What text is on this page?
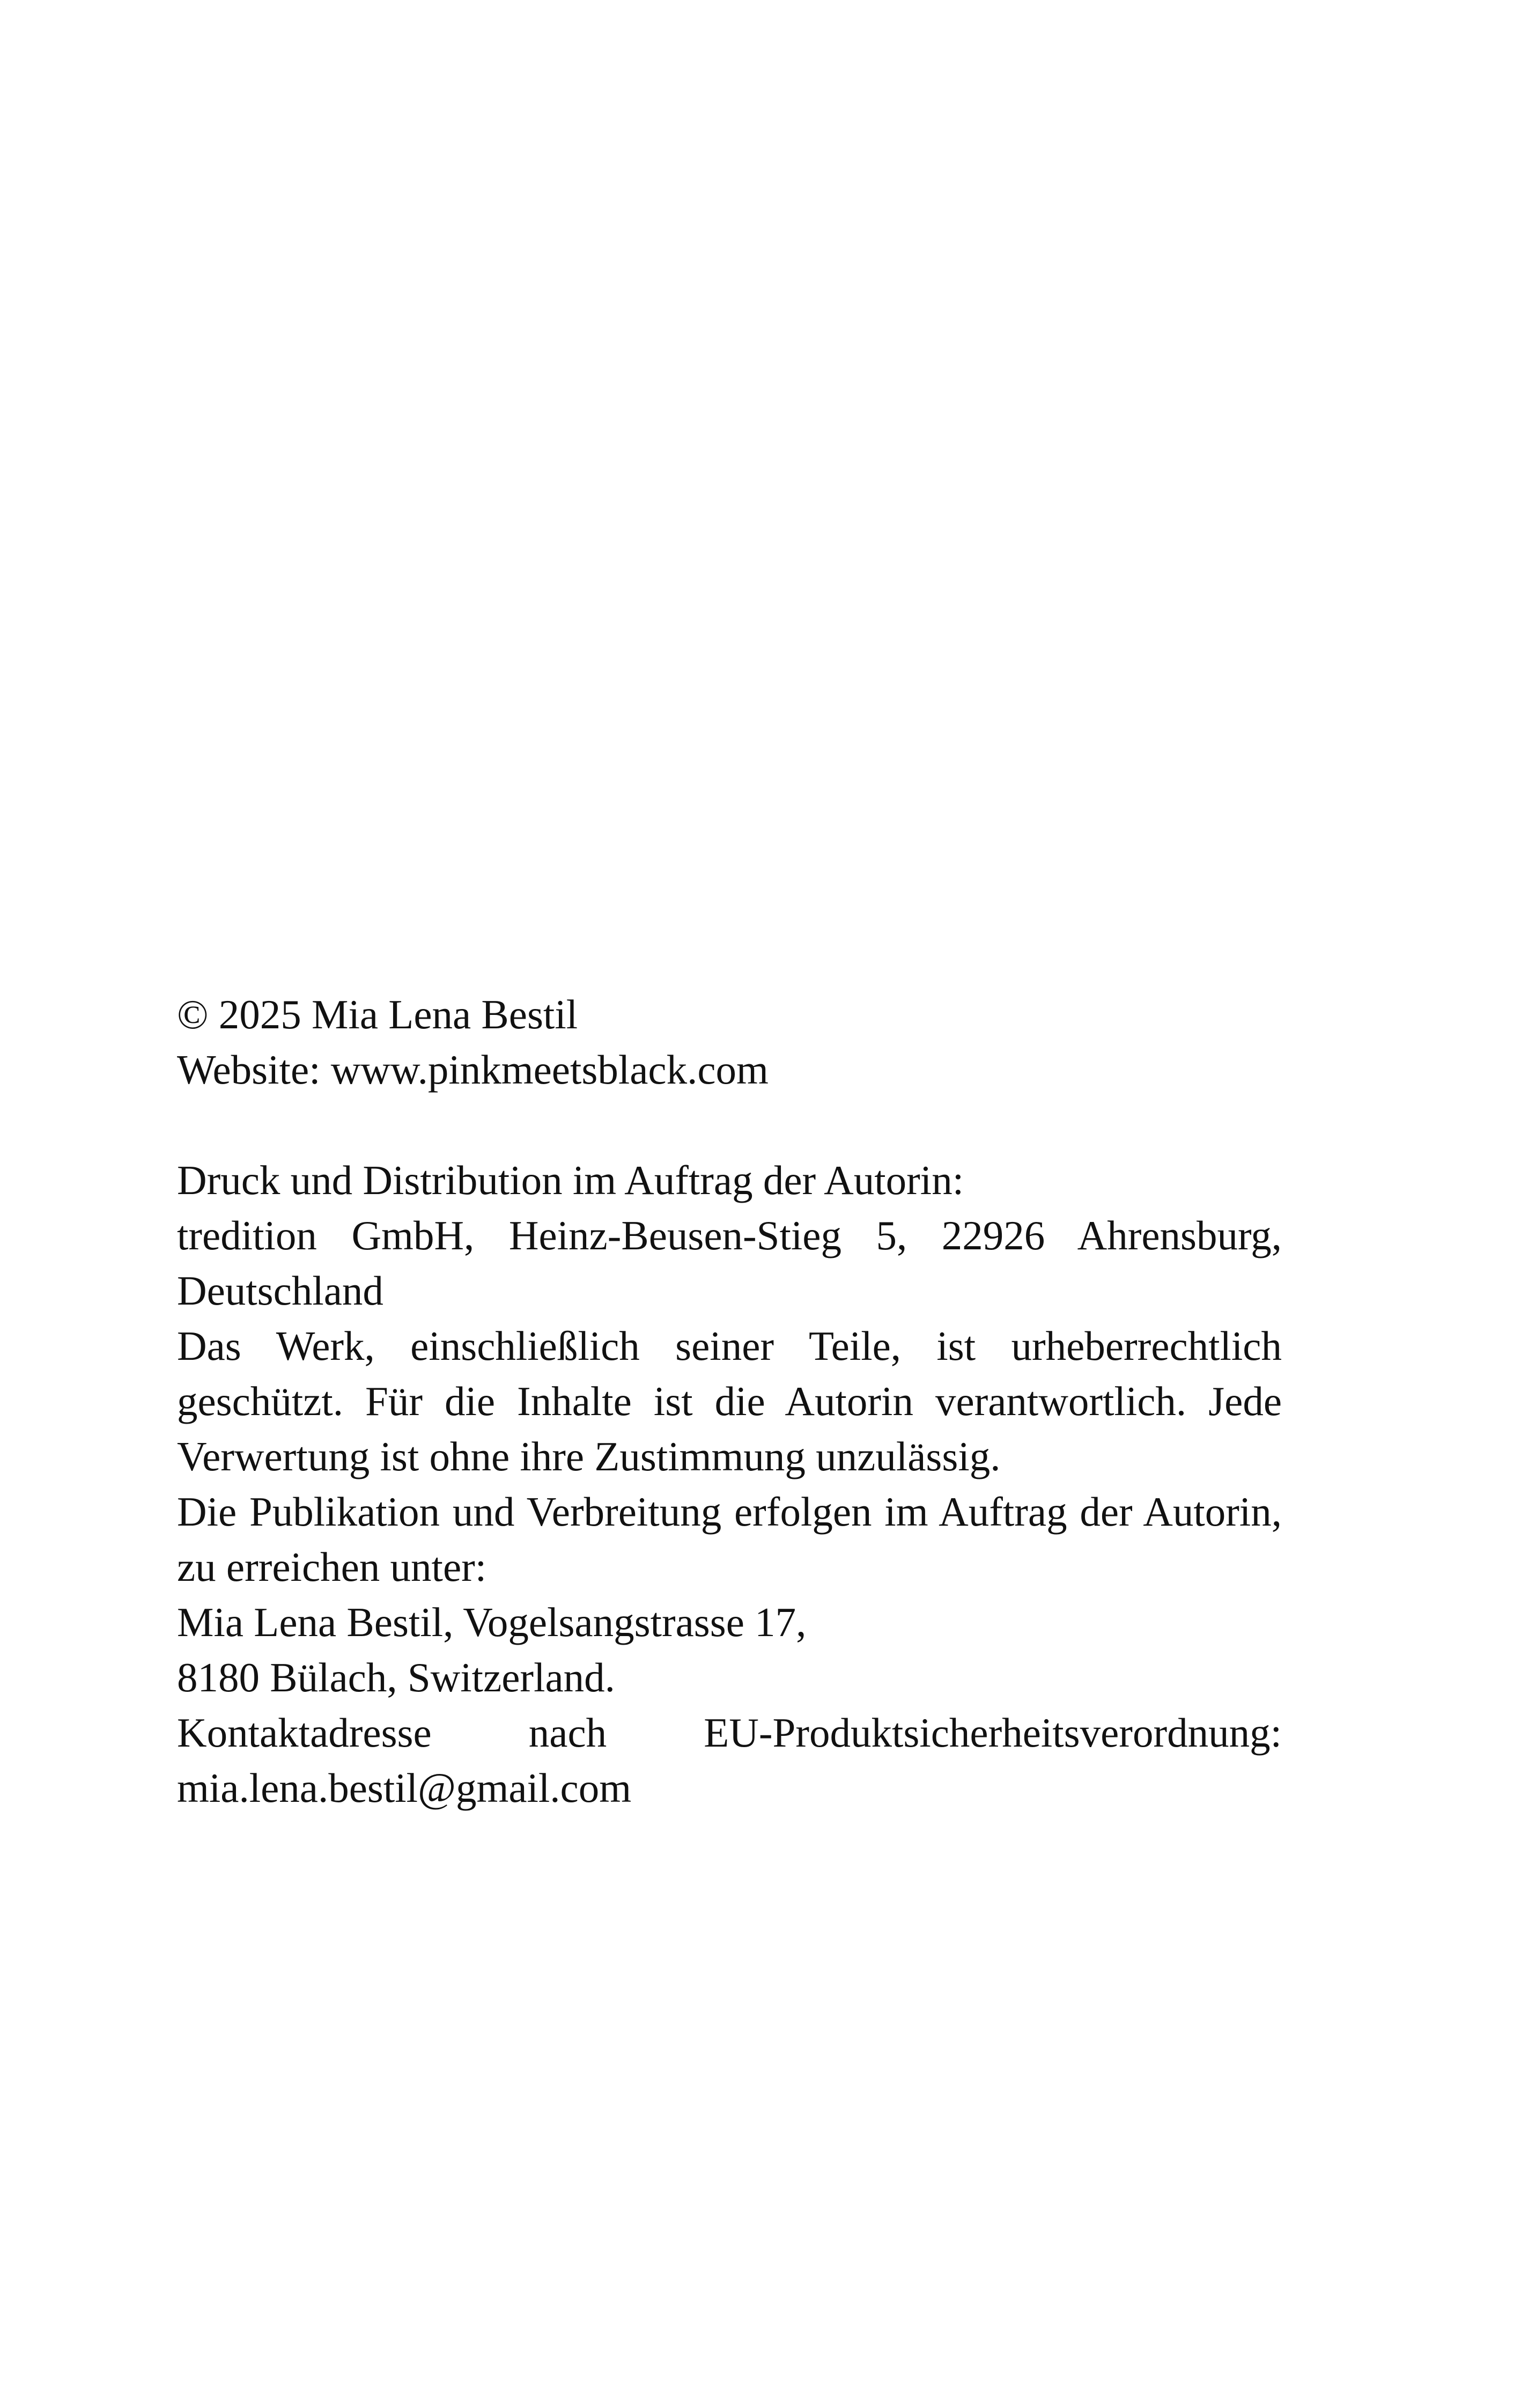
© 2025 Mia Lena Bestil
Website: www.pinkmeetsblack.com
Druck und Distribution im Auftrag der Autorin:
tredition GmbH, Heinz-Beusen-Stieg 5, 22926 Ahrensburg, Deutschland
Das Werk, einschließlich seiner Teile, ist urheberrechtlich geschützt. Für die Inhalte ist die Autorin verantwortlich. Jede Verwertung ist ohne ihre Zustimmung unzulässig.
Die Publikation und Verbreitung erfolgen im Auftrag der Autorin, zu erreichen unter:
Mia Lena Bestil, Vogelsangstrasse 17,
8180 Bülach, Switzerland.
Kontaktadresse nach EU-Produktsicherheitsverordnung:
mia.lena.bestil@gmail.com
